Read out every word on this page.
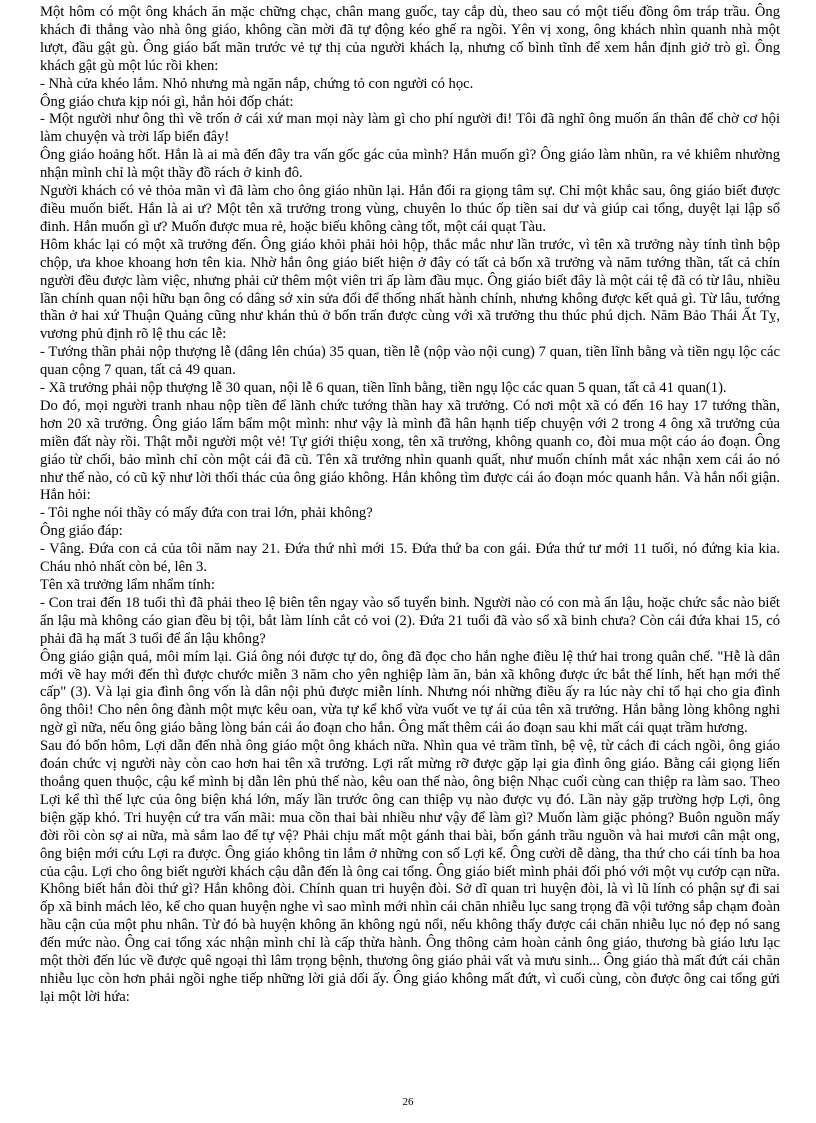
Một hôm có một ông khách ăn mặc chững chạc, chân mang guốc, tay cắp dù, theo sau có một tiểu đồng ôm tráp trầu. Ông khách đi thẳng vào nhà ông giáo, không cần mời đã tự động kéo ghế ra ngồi. Yên vị xong, ông khách nhìn quanh nhà một lượt, đầu gật gù. Ông giáo bất mãn trước vẻ tự thị của người khách lạ, nhưng cố bình tĩnh để xem hắn định giở trò gì. Ông khách gật gù một lúc rồi khen:

- Nhà cửa khéo lắm. Nhỏ nhưng mà ngăn nắp, chứng tỏ con người có học.

Ông giáo chưa kịp nói gì, hắn hỏi đốp chát:

- Một người như ông thì về trốn ở cái xứ man mọi này làm gì cho phí người đi! Tôi đã nghĩ ông muốn ẩn thân để chờ cơ hội làm chuyện và trời lấp biển đây!

Ông giáo hoảng hốt. Hắn là ai mà đến đây tra vấn gốc gác của mình? Hắn muốn gì? Ông giáo làm nhũn, ra vẻ khiêm nhường nhận mình chỉ là một thầy đồ rách ở kinh đô.

Người khách có vẻ thỏa mãn vì đã làm cho ông giáo nhũn lại. Hắn đổi ra giọng tâm sự. Chỉ một khắc sau, ông giáo biết được điều muốn biết. Hắn là ai ư? Một tên xã trưởng trong vùng, chuyên lo thúc ốp tiền sai dư và giúp cai tổng, duyệt lại lập sổ đinh. Hắn muốn gì ư? Muốn được mua rẻ, hoặc biếu không càng tốt, một cái quạt Tàu.

Hôm khác lại có một xã trưởng đến. Ông giáo khỏi phải hỏi hộp, thắc mắc như lần trước, vì tên xã trưởng này tính tình bộp chộp, ưa khoe khoang hơn tên kia. Nhờ hắn ông giáo biết hiện ở đây có tất cả bốn xã trưởng và năm tướng thần, tất cả chín người đều được làm việc, nhưng phải cử thêm một viên tri ấp làm đầu mục. Ông giáo biết đây là một cái tệ đã có từ lâu, nhiều lần chính quan nội hữu bạn ông có dâng sớ xin sửa đổi để thống nhất hành chính, nhưng không được kết quả gì. Từ lâu, tướng thần ở hai xứ Thuận Quảng cũng như khán thủ ở bốn trấn được cùng với xã trưởng thu thúc phú dịch. Năm Bảo Thái Ất Tỵ, vương phủ định rõ lệ thu các lễ:

- Tướng thần phải nộp thượng lễ (dâng lên chúa) 35 quan, tiền lễ (nộp vào nội cung) 7 quan, tiền lĩnh bằng và tiền ngụ lộc các quan cộng 7 quan, tất cả 49 quan.

- Xã trưởng phải nộp thượng lễ 30 quan, nội lễ 6 quan, tiền lĩnh bằng, tiền ngụ lộc các quan 5 quan, tất cả 41 quan(1).

Do đó, mọi người tranh nhau nộp tiền để lãnh chức tướng thần hay xã trưởng. Có nơi một xã có đến 16 hay 17 tướng thần, hơn 20 xã trưởng. Ông giáo lẩm bẩm một mình: như vậy là mình đã hân hạnh tiếp chuyện với 2 trong 4 ông xã trưởng của miền đất này rồi. Thật mỗi người một vẻ! Tự giới thiệu xong, tên xã trưởng, không quanh co, đòi mua một cáo áo đoạn. Ông giáo từ chối, bảo mình chỉ còn một cái đã cũ. Tên xã trưởng nhìn quanh quất, như muốn chính mắt xác nhận xem cái áo nó như thế nào, có cũ kỹ như lời thối thác của ông giáo không. Hắn không tìm được cái áo đoạn móc quanh hắn. Và hắn nổi giận. Hắn hỏi:

- Tôi nghe nói thầy có mấy đứa con trai lớn, phải không?

Ông giáo đáp:

- Vâng. Đứa con cả của tôi năm nay 21. Đứa thứ nhì mới 15. Đứa thứ ba con gái. Đứa thứ tư mới 11 tuổi, nó đứng kia kia. Cháu nhỏ nhất còn bé, lên 3.

Tên xã trưởng lẩm nhẩm tính:

- Con trai đến 18 tuổi thì đã phải theo lệ biên tên ngay vào sổ tuyển binh. Người nào có con mà ẩn lậu, hoặc chức sắc nào biết ẩn lậu mà không cáo gian đều bị tội, bắt làm lính cắt cỏ voi (2). Đứa 21 tuổi đã vào sổ xã binh chưa? Còn cái đứa khai 15, có phải đã hạ mất 3 tuổi để ẩn lậu không?

Ông giáo giận quá, môi mím lại. Giá ông nói được tự do, ông đã đọc cho hắn nghe điều lệ thứ hai trong quân chế. "Hễ là dân mới về hay mới đến thì được chước miễn 3 năm cho yên nghiệp làm ăn, bản xã không được ức bắt thế lính, hết hạn mới thế cấp" (3). Và lại gia đình ông vốn là dân nội phủ được miễn lính. Nhưng nói những điều ấy ra lúc này chỉ tổ hại cho gia đình ông thôi! Cho nên ông đành một mực kêu oan, vừa tự kể khổ vừa vuốt ve tự ái của tên xã trưởng. Hắn bằng lòng không nghi ngờ gì nữa, nếu ông giáo bằng lòng bán cái áo đoạn cho hắn. Ông mất thêm cái áo đoạn sau khi mất cái quạt trầm hương.

Sau đó bốn hôm, Lợi dẫn đến nhà ông giáo một ông khách nữa. Nhìn qua vẻ trầm tĩnh, bệ vệ, từ cách đi cách ngồi, ông giáo đoán chức vị người này còn cao hơn hai tên xã trưởng. Lợi rất mừng rỡ được gặp lại gia đình ông giáo. Bằng cái giọng liến thoắng quen thuộc, cậu kể mình bị dẫn lên phủ thế nào, kêu oan thế nào, ông biện Nhạc cuối cùng can thiệp ra làm sao. Theo Lợi kể thì thế lực của ông biện khá lớn, mấy lần trước ông can thiệp vụ nào được vụ đó. Lần này gặp trường hợp Lợi, ông biện gặp khó. Tri huyện cứ tra vấn mãi: mua cồn thai bài nhiều như vậy để làm gì? Muốn làm giặc phỏng? Buôn nguồn mấy đời rồi còn sợ ai nữa, mà sắm lao để tự vệ? Phải chịu mất một gánh thai bài, bốn gánh trầu nguồn và hai mươi cân mật ong, ông biện mới cứu Lợi ra được. Ông giáo không tin lắm ở những con số Lợi kể. Ông cười dễ dàng, tha thứ cho cái tính ba hoa của cậu. Lợi cho ông biết người khách cậu dẫn đến là ông cai tổng. Ông giáo biết mình phải đối phó với một vụ cướp cạn nữa. Không biết hắn đòi thứ gì? Hắn không đòi. Chính quan tri huyện đòi. Sở dĩ quan tri huyện đòi, là vì lũ lính có phận sự đi sai ốp xã binh mách lẻo, kể cho quan huyện nghe vì sao mình mới nhìn cái chăn nhiễu lục sang trọng đã vội tưởng sắp chạm đoàn hầu cận của một phu nhân. Từ đó bà huyện không ăn không ngủ nổi, nếu không thấy được cái chăn nhiễu lục nó đẹp nó sang đến mức nào. Ông cai tổng xác nhận mình chỉ là cấp thừa hành. Ông thông cảm hoàn cảnh ông giáo, thương bà giáo lưu lạc một thời đến lúc về được quê ngoại thì lâm trọng bệnh, thương ông giáo phải vất và mưu sinh... Ông giáo thà mất đứt cái chăn nhiễu lục còn hơn phải ngồi nghe tiếp những lời giả dối ấy. Ông giáo không mất đứt, vì cuối cùng, còn được ông cai tổng gửi lại một lời hứa:

26
